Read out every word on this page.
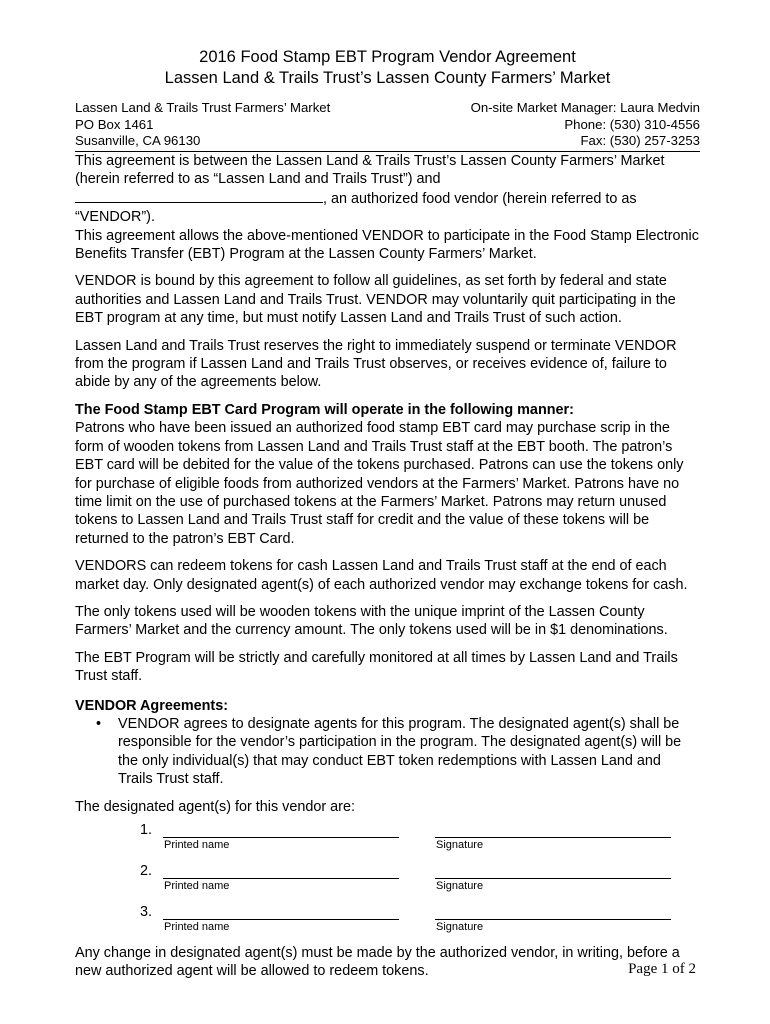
2016 Food Stamp EBT Program Vendor Agreement

Lassen Land & Trails Trust’s Lassen County Farmers’ Market

Lassen Land & Trails Trust Farmers’ Market	On-site Market Manager: Laura Medvin
PO Box 1461	Phone: (530) 310-4556
Susanville, CA 96130	Fax: (530) 257-3253

This agreement is between the Lassen Land & Trails Trust’s Lassen County Farmers’ Market

(herein referred to as “Lassen Land and Trails Trust”) and

, an authorized food vendor (herein referred to as

“VENDOR”).

This agreement allows the above-mentioned VENDOR to participate in the Food Stamp Electronic Benefits Transfer (EBT) Program at the Lassen County Farmers’ Market.

VENDOR is bound by this agreement to follow all guidelines, as set forth by federal and state authorities and Lassen Land and Trails Trust. VENDOR may voluntarily quit participating in the EBT program at any time, but must notify Lassen Land and Trails Trust of such action.

Lassen Land and Trails Trust reserves the right to immediately suspend or terminate VENDOR from the program if Lassen Land and Trails Trust observes, or receives evidence of, failure to abide by any of the agreements below.

The Food Stamp EBT Card Program will operate in the following manner:

Patrons who have been issued an authorized food stamp EBT card may purchase scrip in the form of wooden tokens from Lassen Land and Trails Trust staff at the EBT booth. The patron’s EBT card will be debited for the value of the tokens purchased. Patrons can use the tokens only for purchase of eligible foods from authorized vendors at the Farmers’ Market. Patrons have no time limit on the use of purchased tokens at the Farmers’ Market. Patrons may return unused tokens to Lassen Land and Trails Trust staff for credit and the value of these tokens will be returned to the patron’s EBT Card.

VENDORS can redeem tokens for cash Lassen Land and Trails Trust staff at the end of each market day. Only designated agent(s) of each authorized vendor may exchange tokens for cash.

The only tokens used will be wooden tokens with the unique imprint of the Lassen County Farmers’ Market and the currency amount. The only tokens used will be in $1 denominations.

The EBT Program will be strictly and carefully monitored at all times by Lassen Land and Trails Trust staff.

VENDOR Agreements:

•	VENDOR agrees to designate agents for this program. The designated agent(s) shall be responsible for the vendor’s participation in the program. The designated agent(s) will be the only individual(s) that may conduct EBT token redemptions with Lassen Land and Trails Trust staff.

The designated agent(s) for this vendor are:

1.
Printed name	Signature
2.
Printed name	Signature
3.
Printed name	Signature

Any change in designated agent(s) must be made by the authorized vendor, in writing, before a new authorized agent will be allowed to redeem tokens.	Page 1 of 2
